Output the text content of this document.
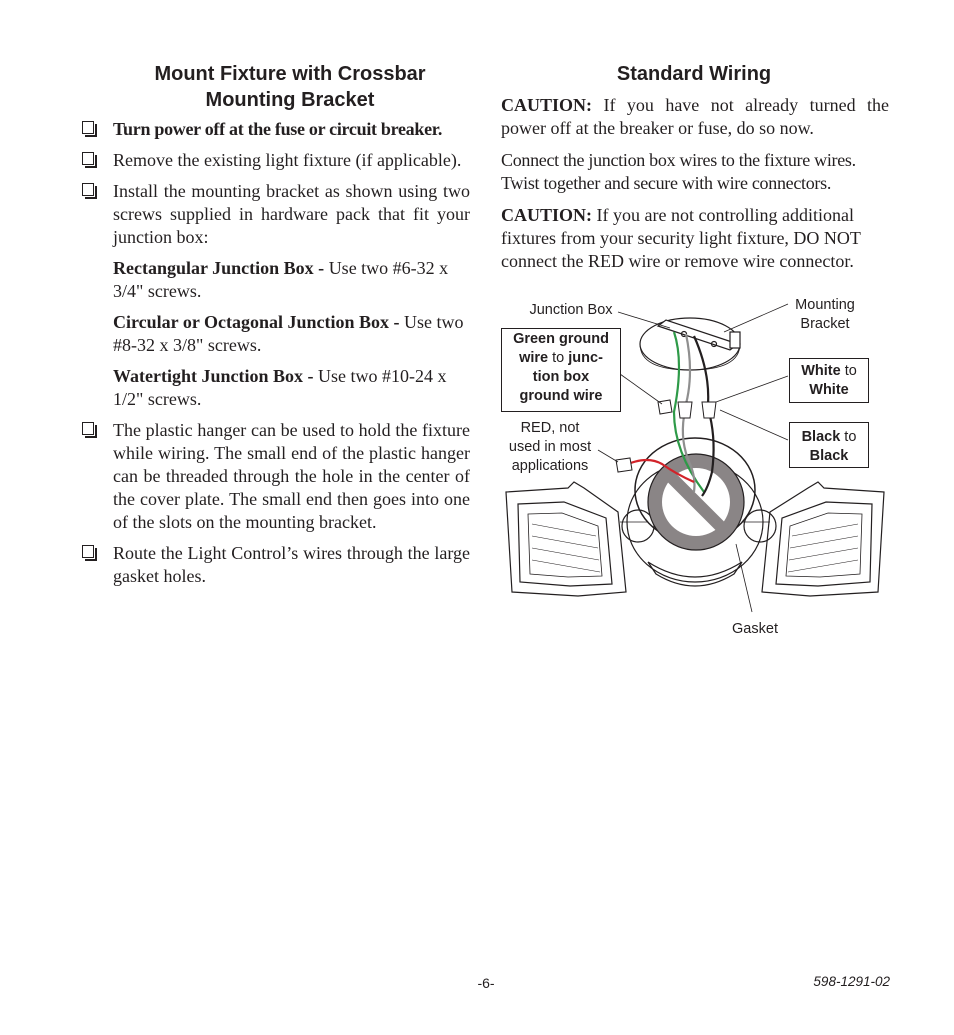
Mount Fixture with Crossbar
Mounting Bracket
Standard Wiring
Turn power off at the fuse or circuit breaker.
Remove the existing light fixture (if applicable).
Install the mounting bracket as shown using two screws supplied in hardware pack that fit your junction box:
Rectangular Junction Box - Use two #6-32 x 3/4" screws.
Circular or Octagonal Junction Box - Use two #8-32 x 3/8" screws.
Watertight Junction Box - Use two #10-24 x 1/2" screws.
The plastic hanger can be used to hold the fixture while wiring. The small end of the plastic hanger can be threaded through the hole in the center of the cover plate. The small end then goes into one of the slots on the mounting bracket.
Route the Light Control’s wires through the large gasket holes.

CAUTION: If you have not already turned the power off at the breaker or fuse, do so now.

Connect the junction box wires to the fixture wires. Twist together and secure with wire connectors.

CAUTION: If you are not controlling additional fixtures from your security light fixture, DO NOT connect the RED wire or remove wire connector.

Junction Box	Mounting
Bracket
Green ground
wire to junc-
tion box
ground wire
White to
White
Black to
Black
RED, not
used in most
applications
Gasket
-6-	598-1291-02
